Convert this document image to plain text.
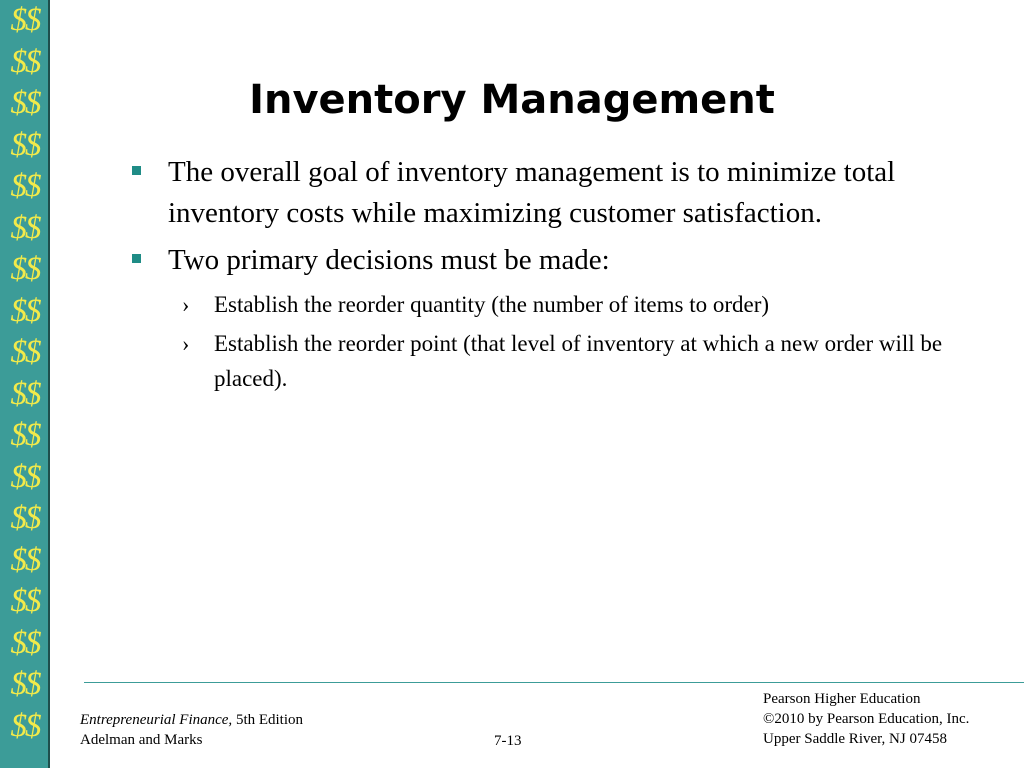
$$
$$
$$
$$
$$
$$
$$
$$
$$
$$
$$
$$
$$
$$
$$
$$
$$
$$
Inventory Management
The overall goal of inventory management is to minimize total inventory costs while maximizing customer satisfaction.
Two primary decisions must be made:
› Establish the reorder quantity (the number of items to order)
› Establish the reorder point (that level of inventory at which a new order will be placed).
Entrepreneurial Finance, 5th Edition
Adelman and Marks	7-13
Pearson Higher Education
©2010 by Pearson Education, Inc.
Upper Saddle River, NJ 07458
